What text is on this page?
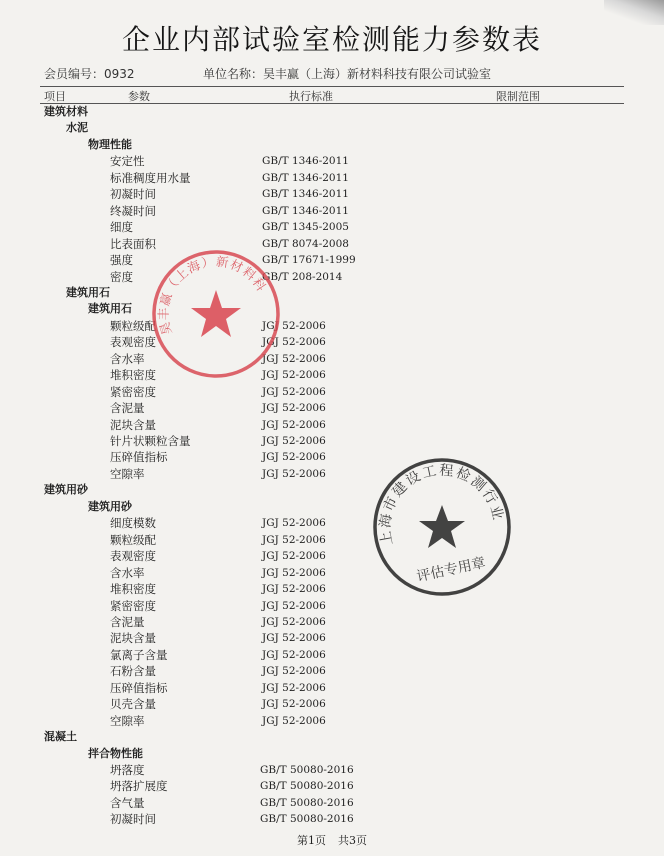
企业内部试验室检测能力参数表
会员编号：0932	单位名称：昊丰赢（上海）新材料科技有限公司试验室
项目	参数	执行标准	限制范围
建筑材料
水泥
物理性能
安定性	GB/T 1346-2011
标准稠度用水量	GB/T 1346-2011
初凝时间	GB/T 1346-2011
终凝时间	GB/T 1346-2011
细度	GB/T 1345-2005
比表面积	GB/T 8074-2008
强度	GB/T 17671-1999
密度	GB/T 208-2014
建筑用石
建筑用石
颗粒级配	JGJ 52-2006
表观密度	JGJ 52-2006
含水率	JGJ 52-2006
堆积密度	JGJ 52-2006
紧密密度	JGJ 52-2006
含泥量	JGJ 52-2006
泥块含量	JGJ 52-2006
针片状颗粒含量	JGJ 52-2006
压碎值指标	JGJ 52-2006
空隙率	JGJ 52-2006
建筑用砂
建筑用砂
细度模数	JGJ 52-2006
颗粒级配	JGJ 52-2006
表观密度	JGJ 52-2006
含水率	JGJ 52-2006
堆积密度	JGJ 52-2006
紧密密度	JGJ 52-2006
含泥量	JGJ 52-2006
泥块含量	JGJ 52-2006
氯离子含量	JGJ 52-2006
石粉含量	JGJ 52-2006
压碎值指标	JGJ 52-2006
贝壳含量	JGJ 52-2006
空隙率	JGJ 52-2006
混凝土
拌合物性能
坍落度	GB/T 50080-2016
坍落扩展度	GB/T 50080-2016
含气量	GB/T 50080-2016
初凝时间	GB/T 50080-2016
昊丰赢（上海）新材料科技有限公司
上海市建设工程检测行业协会
评估专用章
第1页 共3页
